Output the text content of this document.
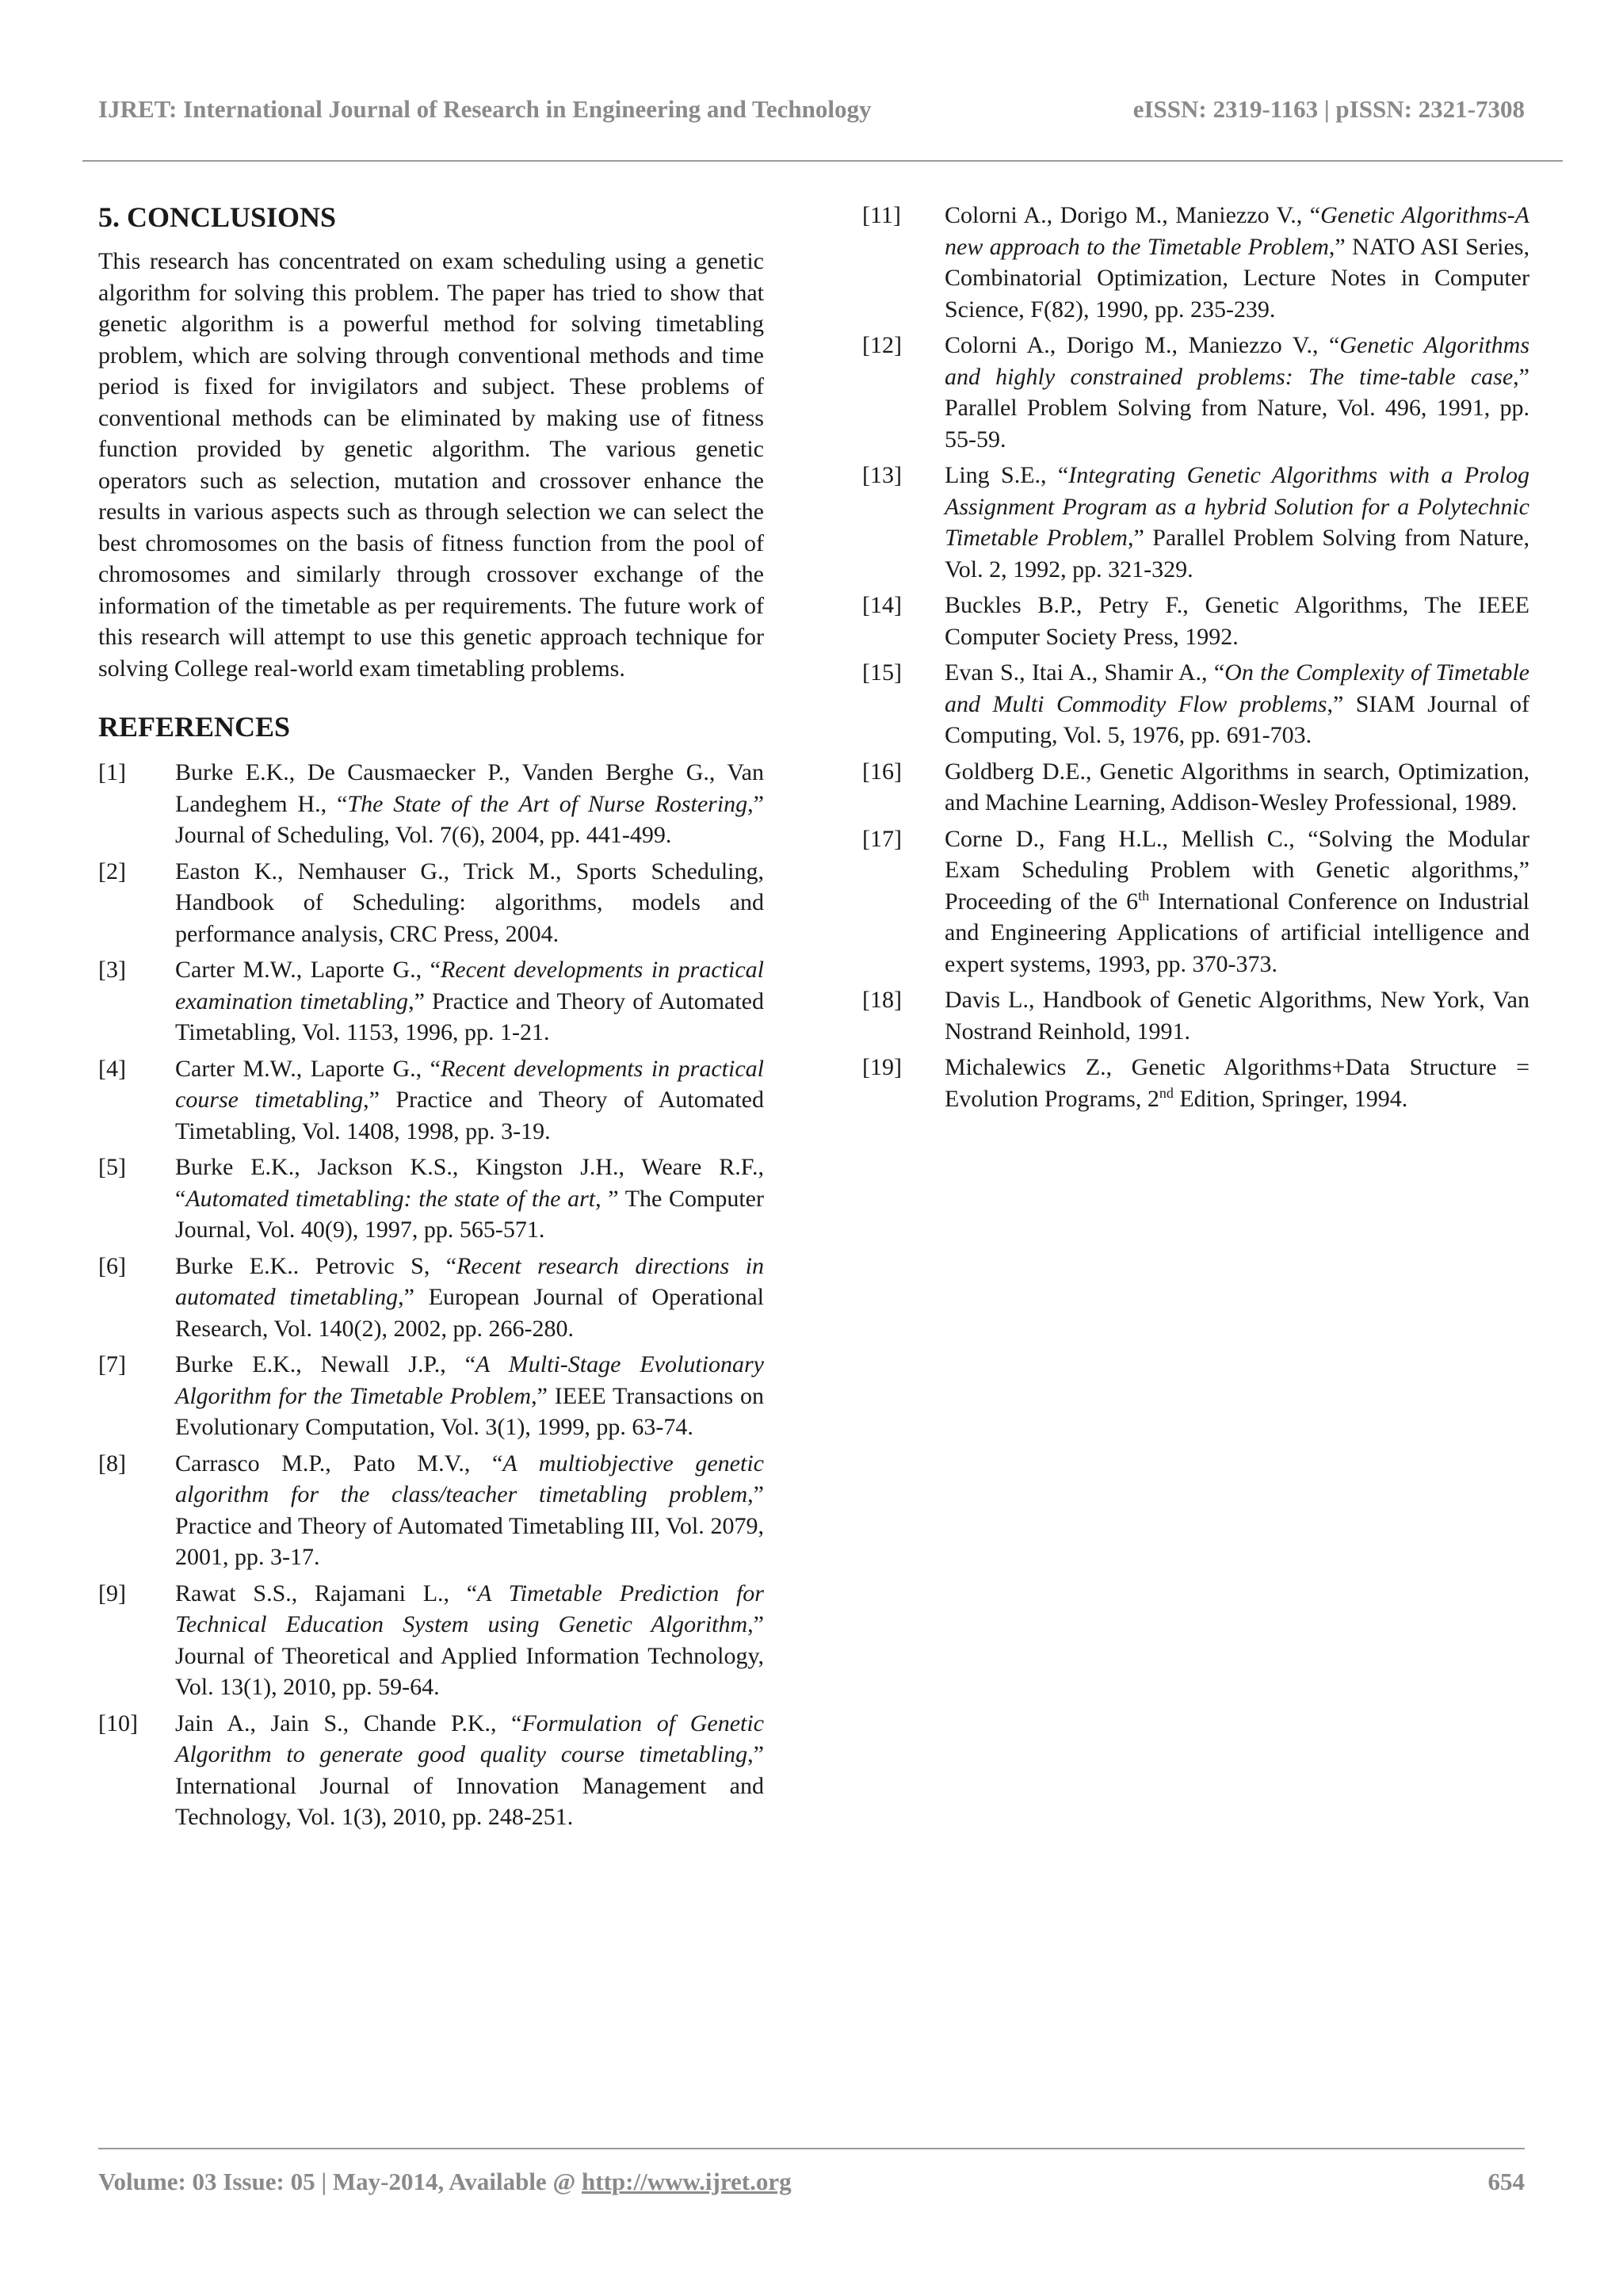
IJRET: International Journal of Research in Engineering and Technology	eISSN: 2319-1163 | pISSN: 2321-7308
5. CONCLUSIONS

This research has concentrated on exam scheduling using a genetic algorithm for solving this problem. The paper has tried to show that genetic algorithm is a powerful method for solving timetabling problem, which are solving through conventional methods and time period is fixed for invigilators and subject. These problems of conventional methods can be eliminated by making use of fitness function provided by genetic algorithm. The various genetic operators such as selection, mutation and crossover enhance the results in various aspects such as through selection we can select the best chromosomes on the basis of fitness function from the pool of chromosomes and similarly through crossover exchange of the information of the timetable as per requirements. The future work of this research will attempt to use this genetic approach technique for solving College real-world exam timetabling problems.

REFERENCES
[1]	Burke E.K., De Causmaecker P., Vanden Berghe G., Van Landeghem H., “The State of the Art of Nurse Rostering,” Journal of Scheduling, Vol. 7(6), 2004, pp. 441-499.
[2]	Easton K., Nemhauser G., Trick M., Sports Scheduling, Handbook of Scheduling: algorithms, models and performance analysis, CRC Press, 2004.
[3]	Carter M.W., Laporte G., “Recent developments in practical examination timetabling,” Practice and Theory of Automated Timetabling, Vol. 1153, 1996, pp. 1-21.
[4]	Carter M.W., Laporte G., “Recent developments in practical course timetabling,” Practice and Theory of Automated Timetabling, Vol. 1408, 1998, pp. 3-19.
[5]	Burke E.K., Jackson K.S., Kingston J.H., Weare R.F., “Automated timetabling: the state of the art, ” The Computer Journal, Vol. 40(9), 1997, pp. 565-571.
[6]	Burke E.K.. Petrovic S, “Recent research directions in automated timetabling,” European Journal of Operational Research, Vol. 140(2), 2002, pp. 266-280.
[7]	Burke E.K., Newall J.P., “A Multi-Stage Evolutionary Algorithm for the Timetable Problem,” IEEE Transactions on Evolutionary Computation, Vol. 3(1), 1999, pp. 63-74.
[8]	Carrasco M.P., Pato M.V., “A multiobjective genetic algorithm for the class/teacher timetabling problem,” Practice and Theory of Automated Timetabling III, Vol. 2079, 2001, pp. 3-17.
[9]	Rawat S.S., Rajamani L., “A Timetable Prediction for Technical Education System using Genetic Algorithm,” Journal of Theoretical and Applied Information Technology, Vol. 13(1), 2010, pp. 59-64.
[10]	Jain A., Jain S., Chande P.K., “Formulation of Genetic Algorithm to generate good quality course timetabling,” International Journal of Innovation Management and Technology, Vol. 1(3), 2010, pp. 248-251.
[11]	Colorni A., Dorigo M., Maniezzo V., “Genetic Algorithms-A new approach to the Timetable Problem,” NATO ASI Series, Combinatorial Optimization, Lecture Notes in Computer Science, F(82), 1990, pp. 235-239.
[12]	Colorni A., Dorigo M., Maniezzo V., “Genetic Algorithms and highly constrained problems: The time-table case,” Parallel Problem Solving from Nature, Vol. 496, 1991, pp. 55-59.
[13]	Ling S.E., “Integrating Genetic Algorithms with a Prolog Assignment Program as a hybrid Solution for a Polytechnic Timetable Problem,” Parallel Problem Solving from Nature, Vol. 2, 1992, pp. 321-329.
[14]	Buckles B.P., Petry F., Genetic Algorithms, The IEEE Computer Society Press, 1992.
[15]	Evan S., Itai A., Shamir A., “On the Complexity of Timetable and Multi Commodity Flow problems,” SIAM Journal of Computing, Vol. 5, 1976, pp. 691-703.
[16]	Goldberg D.E., Genetic Algorithms in search, Optimization, and Machine Learning, Addison-Wesley Professional, 1989.
[17]	Corne D., Fang H.L., Mellish C., “Solving the Modular Exam Scheduling Problem with Genetic algorithms,” Proceeding of the 6th International Conference on Industrial and Engineering Applications of artificial intelligence and expert systems, 1993, pp. 370-373.
[18]	Davis L., Handbook of Genetic Algorithms, New York, Van Nostrand Reinhold, 1991.
[19]	Michalewics Z., Genetic Algorithms+Data Structure = Evolution Programs, 2nd Edition, Springer, 1994.
Volume: 03 Issue: 05 | May-2014, Available @ http://www.ijret.org	654
